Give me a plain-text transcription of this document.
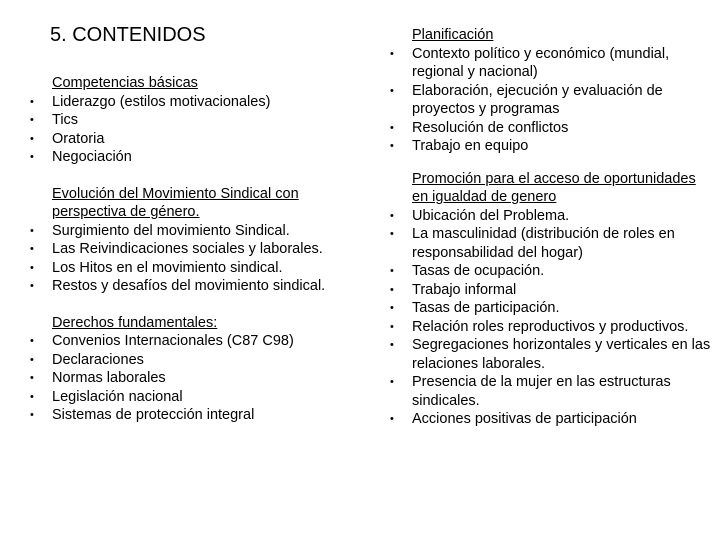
5. CONTENIDOS
Competencias básicas
• Liderazgo (estilos motivacionales)
• Tics
• Oratoria
• Negociación
Evolución del Movimiento Sindical con perspectiva de género.
• Surgimiento del movimiento Sindical.
• Las Reivindicaciones sociales y laborales.
• Los Hitos en el movimiento sindical.
• Restos y desafíos del movimiento sindical.
Derechos fundamentales:
• Convenios Internacionales (C87 C98)
• Declaraciones
• Normas laborales
• Legislación nacional
• Sistemas de protección integral
Planificación
• Contexto político y económico (mundial, regional y nacional)
• Elaboración, ejecución y evaluación de proyectos y programas
• Resolución de conflictos
• Trabajo en equipo
Promoción para el acceso de oportunidades en igualdad de genero
• Ubicación del Problema.
• La masculinidad (distribución de roles en responsabilidad del hogar)
• Tasas de ocupación.
• Trabajo informal
• Tasas de participación.
• Relación roles reproductivos y productivos.
• Segregaciones horizontales y verticales en las relaciones laborales.
• Presencia de la mujer en las estructuras sindicales.
• Acciones positivas de participación
